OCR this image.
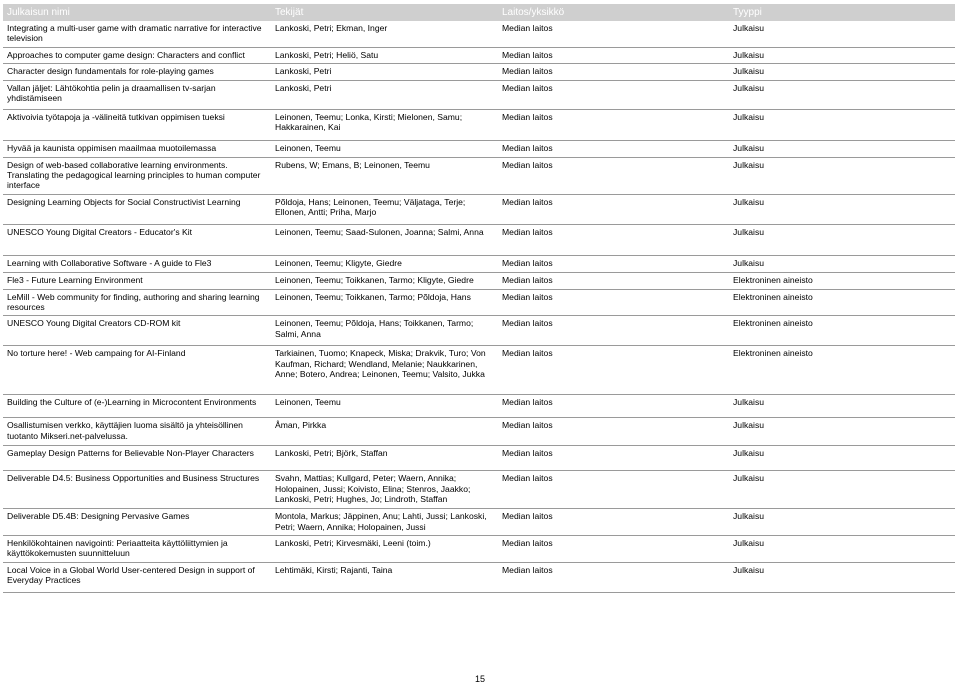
Julkaisun nimi	Tekijät	Laitos/yksikkö	Tyyppi
Integrating a multi-user game with dramatic narrative for interactive television	Lankoski, Petri; Ekman, Inger	Median laitos	Julkaisu
Approaches to computer game design: Characters and conflict	Lankoski, Petri; Heliö, Satu	Median laitos	Julkaisu
Character design fundamentals for role-playing games	Lankoski, Petri	Median laitos	Julkaisu
Vallan jäljet: Lähtökohtia pelin ja draamallisen tv-sarjan yhdistämiseen	Lankoski, Petri	Median laitos	Julkaisu
Aktivoivia työtapoja ja -välineitä tutkivan oppimisen tueksi	Leinonen, Teemu; Lonka, Kirsti; Mielonen, Samu; Hakkarainen, Kai	Median laitos	Julkaisu
Hyvää ja kaunista oppimisen maailmaa muotoilemassa	Leinonen, Teemu	Median laitos	Julkaisu
Design of web-based collaborative learning environments. Translating the pedagogical learning principles to human computer interface	Rubens, W; Emans, B; Leinonen, Teemu	Median laitos	Julkaisu
Designing Learning Objects for Social Constructivist Learning	Põldoja, Hans; Leinonen, Teemu; Väljataga, Terje; Ellonen, Antti; Priha, Marjo	Median laitos	Julkaisu
UNESCO Young Digital Creators - Educator's Kit	Leinonen, Teemu; Saad-Sulonen, Joanna; Salmi, Anna	Median laitos	Julkaisu
Learning with Collaborative Software - A guide to Fle3	Leinonen, Teemu; Kligyte, Giedre	Median laitos	Julkaisu
Fle3 - Future Learning Environment	Leinonen, Teemu; Toikkanen, Tarmo; Kligyte, Giedre	Median laitos	Elektroninen aineisto
LeMill - Web community for finding, authoring and sharing learning resources	Leinonen, Teemu; Toikkanen, Tarmo; Põldoja, Hans	Median laitos	Elektroninen aineisto
UNESCO Young Digital Creators CD-ROM kit	Leinonen, Teemu; Põldoja, Hans; Toikkanen, Tarmo; Salmi, Anna	Median laitos	Elektroninen aineisto
No torture here! - Web campaing for AI-Finland	Tarkiainen, Tuomo; Knapeck, Miska; Drakvik, Turo; Von Kaufman, Richard; Wendland, Melanie; Naukkarinen, Anne; Botero, Andrea; Leinonen, Teemu; Valsito, Jukka	Median laitos	Elektroninen aineisto
Building the Culture of (e-)Learning in Microcontent Environments	Leinonen, Teemu	Median laitos	Julkaisu
Osallistumisen verkko, käyttäjien luoma sisältö ja yhteisöllinen tuotanto Mikseri.net-palvelussa.	Åman, Pirkka	Median laitos	Julkaisu
Gameplay Design Patterns for Believable Non-Player Characters	Lankoski, Petri; Björk, Staffan	Median laitos	Julkaisu
Deliverable D4.5: Business Opportunities and Business Structures	Svahn, Mattias; Kullgard, Peter; Waern, Annika; Holopainen, Jussi; Koivisto, Elina; Stenros, Jaakko; Lankoski, Petri; Hughes, Jo; Lindroth, Staffan	Median laitos	Julkaisu
Deliverable D5.4B: Designing Pervasive Games	Montola, Markus; Jäppinen, Anu; Lahti, Jussi; Lankoski, Petri; Waern, Annika; Holopainen, Jussi	Median laitos	Julkaisu
Henkilökohtainen navigointi: Periaatteita käyttöliittymien ja käyttökokemusten suunnitteluun	Lankoski, Petri; Kirvesmäki, Leeni (toim.)	Median laitos	Julkaisu
Local Voice in a Global World User-centered Design in support of Everyday Practices	Lehtimäki, Kirsti; Rajanti, Taina	Median laitos	Julkaisu
15
